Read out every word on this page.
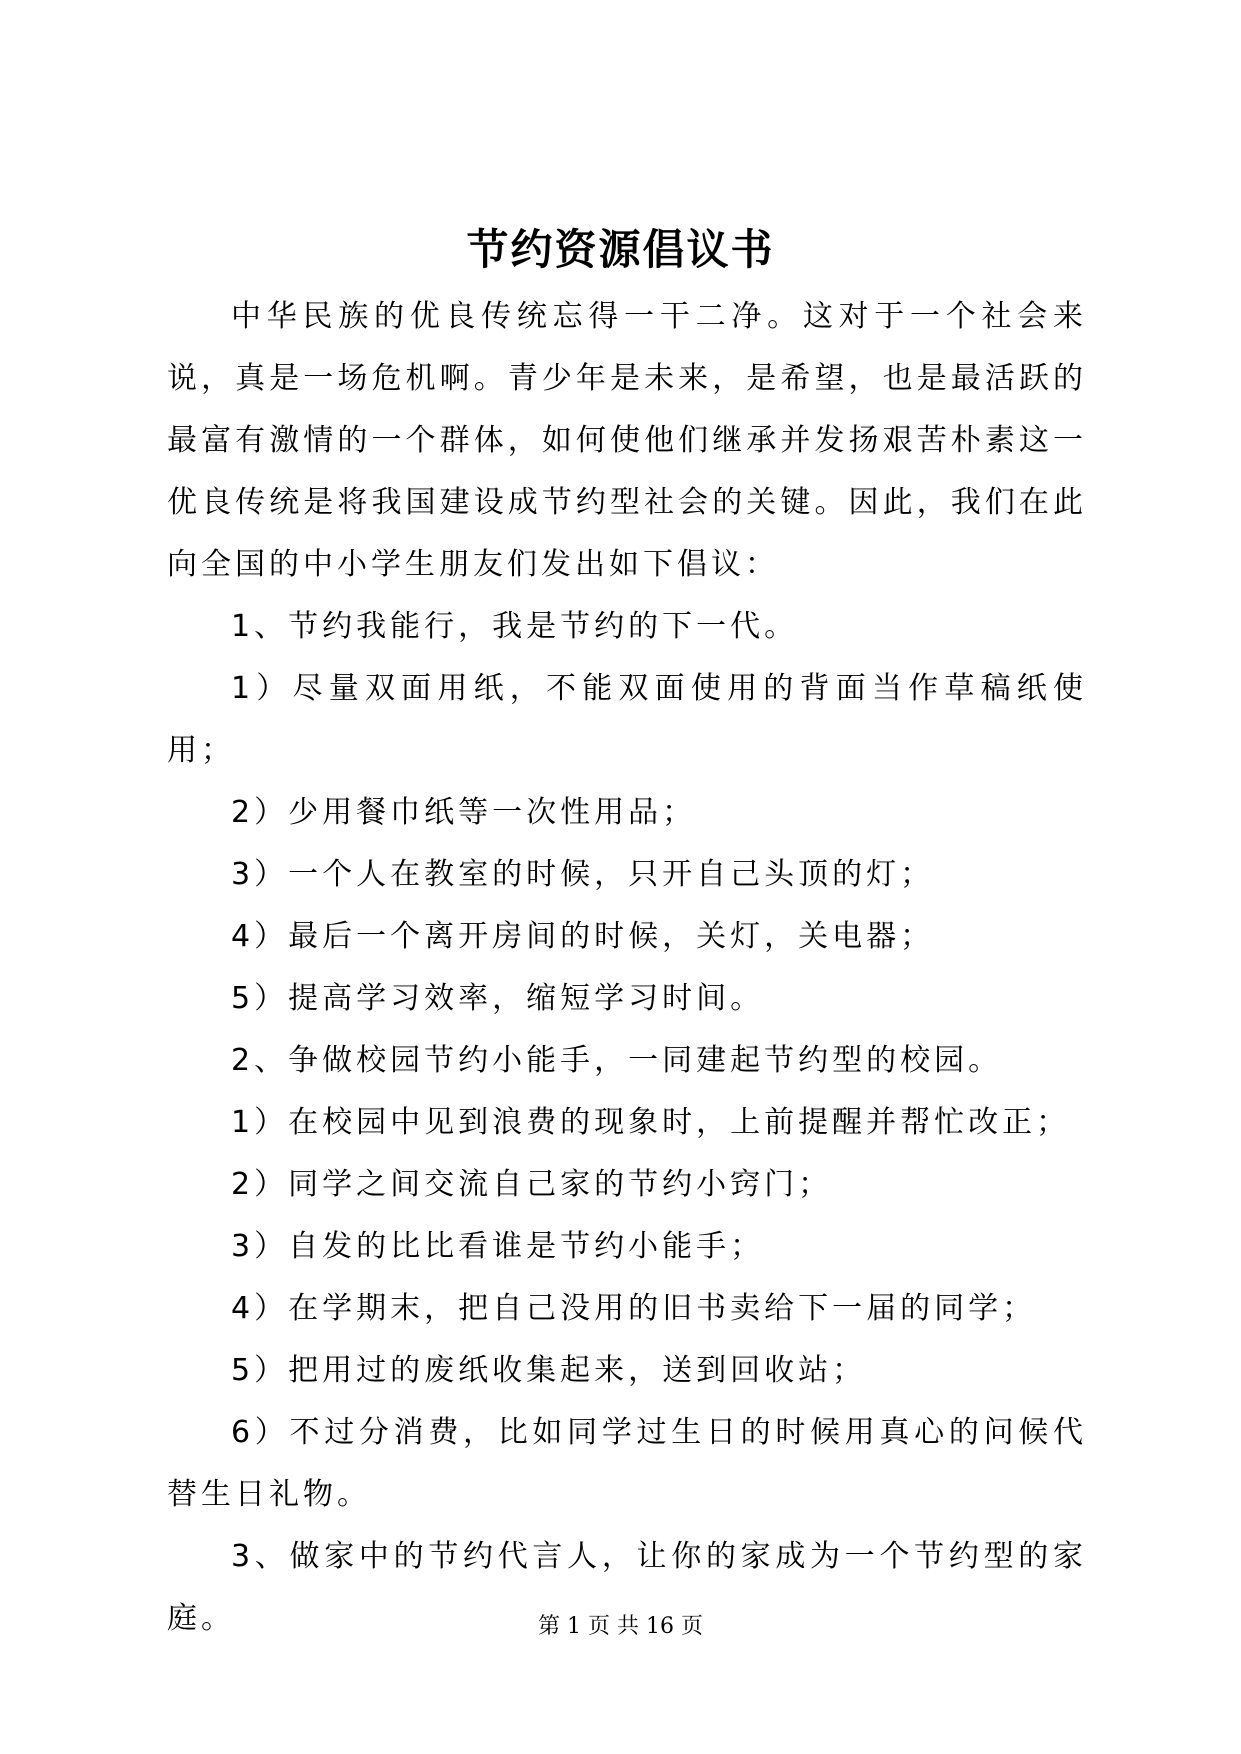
节约资源倡议书

中华民族的优良传统忘得一干二净。这对于一个社会来说，真是一场危机啊。青少年是未来，是希望，也是最活跃的最富有激情的一个群体，如何使他们继承并发扬艰苦朴素这一优良传统是将我国建设成节约型社会的关键。因此，我们在此向全国的中小学生朋友们发出如下倡议：

1、节约我能行，我是节约的下一代。

1）尽量双面用纸，不能双面使用的背面当作草稿纸使用；

2）少用餐巾纸等一次性用品；

3）一个人在教室的时候，只开自己头顶的灯；

4）最后一个离开房间的时候，关灯，关电器；

5）提高学习效率，缩短学习时间。

2、争做校园节约小能手，一同建起节约型的校园。

1）在校园中见到浪费的现象时，上前提醒并帮忙改正；

2）同学之间交流自己家的节约小窍门；

3）自发的比比看谁是节约小能手；

4）在学期末，把自己没用的旧书卖给下一届的同学；

5）把用过的废纸收集起来，送到回收站；

6）不过分消费，比如同学过生日的时候用真心的问候代替生日礼物。

3、做家中的节约代言人，让你的家成为一个节约型的家庭。	第 1 页 共 16 页
